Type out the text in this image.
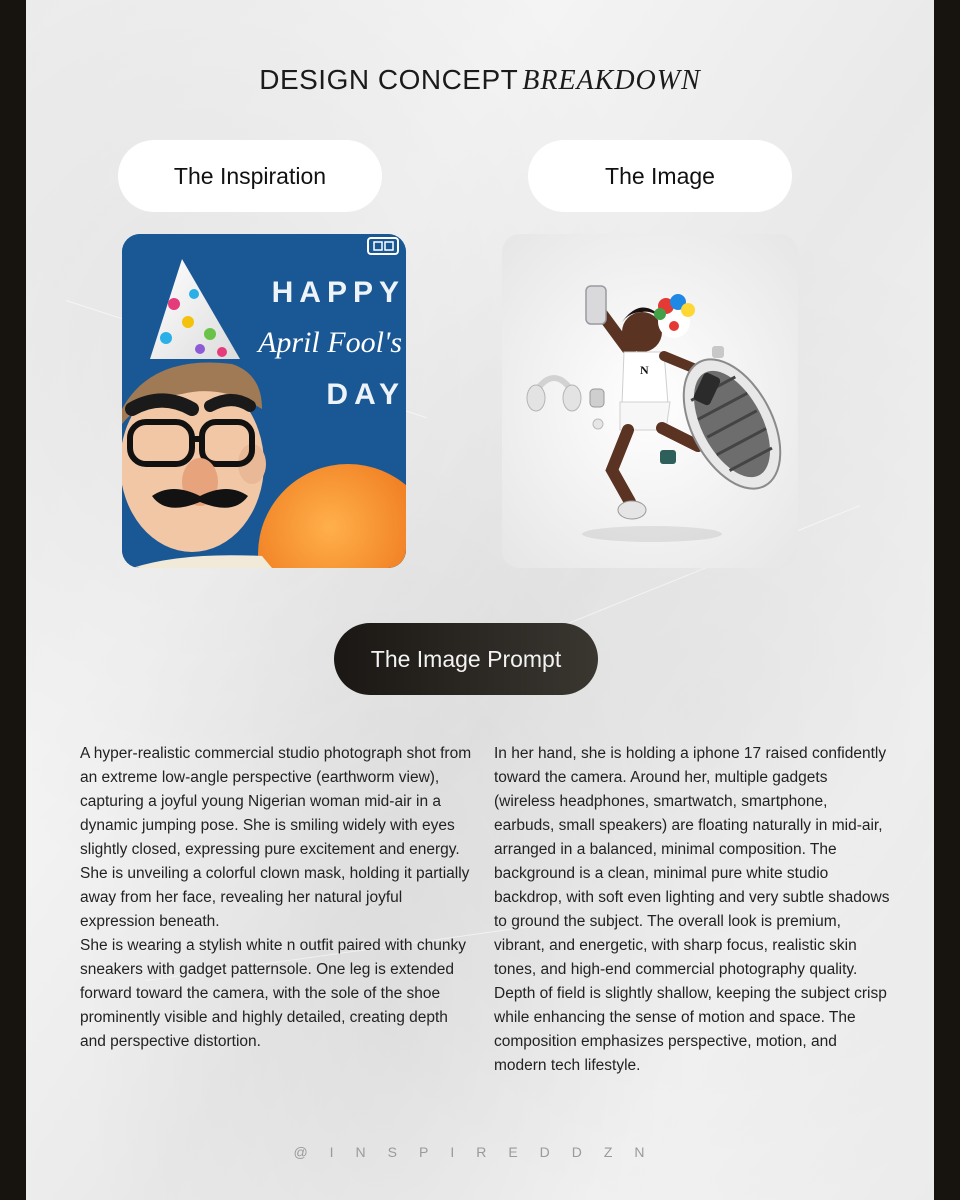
DESIGN CONCEPT BREAKDOWN
The Inspiration	The Image
HAPPY
April Fool's
DAY
N
The Image Prompt

A hyper-realistic commercial studio photograph shot from an extreme low-angle perspective (earthworm view), capturing a joyful young Nigerian woman mid-air in a dynamic jumping pose. She is smiling widely with eyes slightly closed, expressing pure excitement and energy. She is unveiling a colorful clown mask, holding it partially away from her face, revealing her natural joyful expression beneath.

She is wearing a stylish white n outfit paired with chunky sneakers with gadget patternsole. One leg is extended forward toward the camera, with the sole of the shoe prominently visible and highly detailed, creating depth and perspective distortion.

In her hand, she is holding a iphone 17 raised confidently toward the camera. Around her, multiple gadgets (wireless headphones, smartwatch, smartphone, earbuds, small speakers) are floating naturally in mid-air, arranged in a balanced, minimal composition. The background is a clean, minimal pure white studio backdrop, with soft even lighting and very subtle shadows to ground the subject. The overall look is premium, vibrant, and energetic, with sharp focus, realistic skin tones, and high-end commercial photography quality.

Depth of field is slightly shallow, keeping the subject crisp while enhancing the sense of motion and space. The composition emphasizes perspective, motion, and modern tech lifestyle.

@INSPIREDDZN
